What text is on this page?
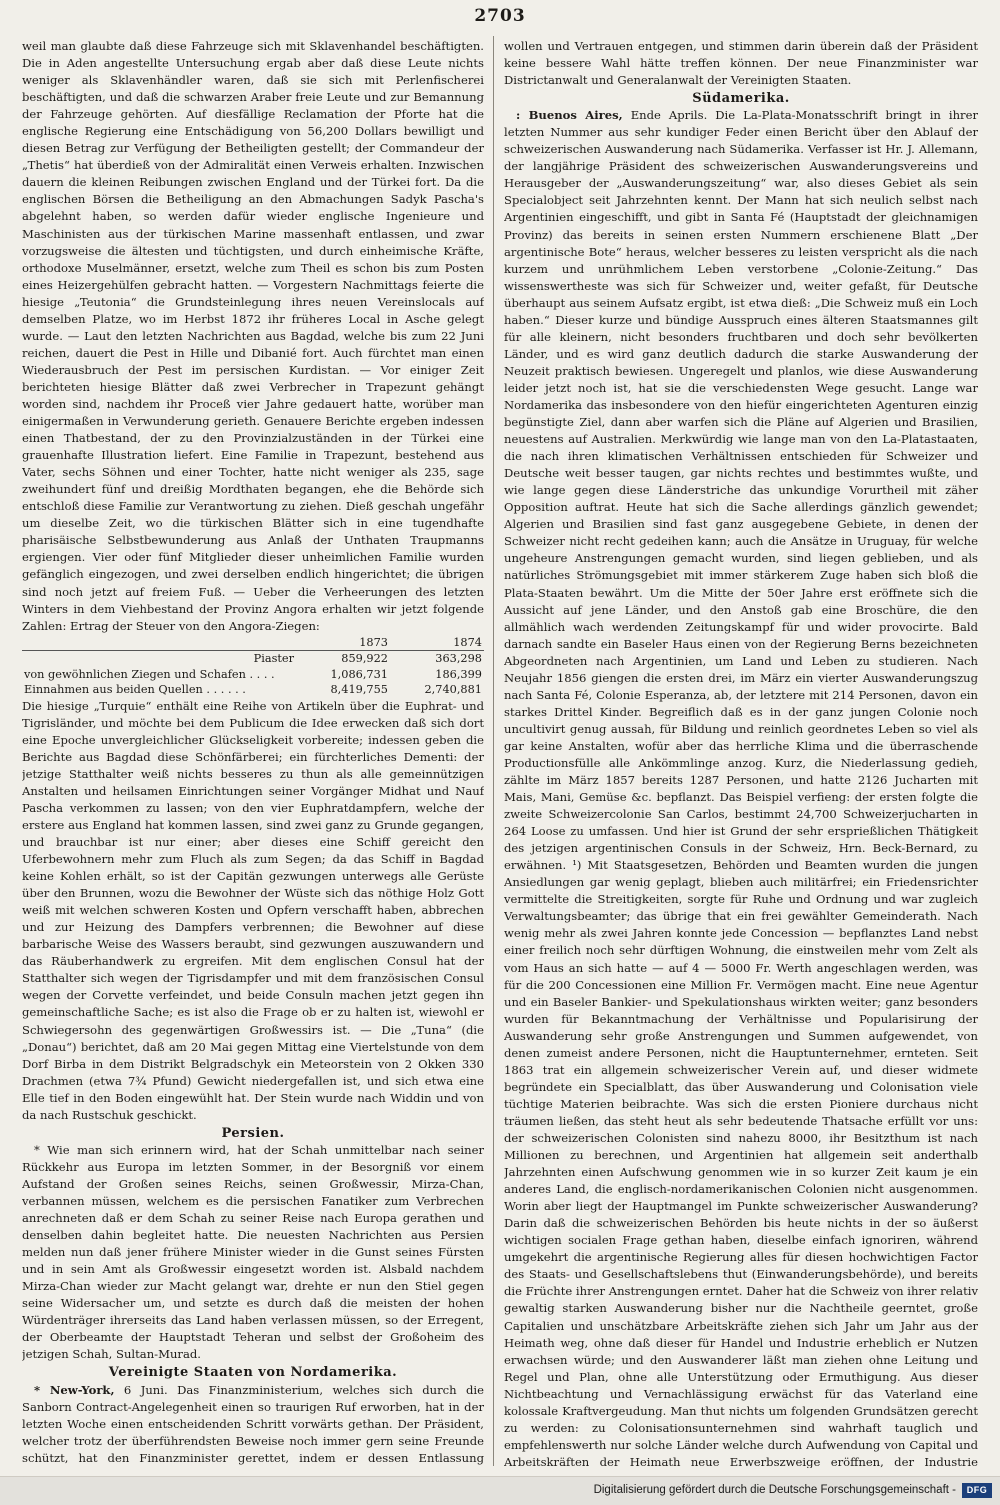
2703

weil man glaubte daß diese Fahrzeuge sich mit Sklavenhandel beschäftigten. Die in Aden angestellte Untersuchung ergab aber daß diese Leute nichts weniger als Sklavenhändler waren, daß sie sich mit Perlenfischerei beschäftigten, und daß die schwarzen Araber freie Leute und zur Bemannung der Fahrzeuge gehörten. Auf diesfällige Reclamation der Pforte hat die englische Regierung eine Entschädigung von 56,200 Dollars bewilligt und diesen Betrag zur Verfügung der Betheiligten gestellt; der Commandeur der „Thetis“ hat überdieß von der Admiralität einen Verweis erhalten. Inzwischen dauern die kleinen Reibungen zwischen England und der Türkei fort. Da die englischen Börsen die Betheiligung an den Abmachungen Sadyk Pascha's abgelehnt haben, so werden dafür wieder englische Ingenieure und Maschinisten aus der türkischen Marine massenhaft entlassen, und zwar vorzugsweise die ältesten und tüchtigsten, und durch einheimische Kräfte, orthodoxe Muselmänner, ersetzt, welche zum Theil es schon bis zum Posten eines Heizergehülfen gebracht hatten. — Vorgestern Nachmittags feierte die hiesige „Teutonia“ die Grundsteinlegung ihres neuen Vereinslocals auf demselben Platze, wo im Herbst 1872 ihr früheres Local in Asche gelegt wurde. — Laut den letzten Nachrichten aus Bagdad, welche bis zum 22 Juni reichen, dauert die Pest in Hille und Dibanié fort. Auch fürchtet man einen Wiederausbruch der Pest im persischen Kurdistan. — Vor einiger Zeit berichteten hiesige Blätter daß zwei Verbrecher in Trapezunt gehängt worden sind, nachdem ihr Proceß vier Jahre gedauert hatte, worüber man einigermaßen in Verwunderung gerieth. Genauere Berichte ergeben indessen einen Thatbestand, der zu den Provinzialzuständen in der Türkei eine grauenhafte Illustration liefert. Eine Familie in Trapezunt, bestehend aus Vater, sechs Söhnen und einer Tochter, hatte nicht weniger als 235, sage zweihundert fünf und dreißig Mordthaten begangen, ehe die Behörde sich entschloß diese Familie zur Verantwortung zu ziehen. Dieß geschah ungefähr um dieselbe Zeit, wo die türkischen Blätter sich in eine tugendhafte pharisäische Selbstbewunderung aus Anlaß der Unthaten Traupmanns ergiengen. Vier oder fünf Mitglieder dieser unheimlichen Familie wurden gefänglich eingezogen, und zwei derselben endlich hingerichtet; die übrigen sind noch jetzt auf freiem Fuß. — Ueber die Verheerungen des letzten Winters in dem Viehbestand der Provinz Angora erhalten wir jetzt folgende Zahlen: Ertrag der Steuer von den Angora-Ziegen:

		1873	1874
	Piaster	859,922	363,298
von gewöhnlichen Ziegen und Schafen . . . .		1,086,731	186,399
Einnahmen aus beiden Quellen . . . . . .		8,419,755	2,740,881

Die hiesige „Turquie“ enthält eine Reihe von Artikeln über die Euphrat- und Tigrisländer, und möchte bei dem Publicum die Idee erwecken daß sich dort eine Epoche unvergleichlicher Glückseligkeit vorbereite; indessen geben die Berichte aus Bagdad diese Schönfärberei; ein fürchterliches Dementi: der jetzige Statthalter weiß nichts besseres zu thun als alle gemeinnützigen Anstalten und heilsamen Einrichtungen seiner Vorgänger Midhat und Nauf Pascha verkommen zu lassen; von den vier Euphratdampfern, welche der erstere aus England hat kommen lassen, sind zwei ganz zu Grunde gegangen, und brauchbar ist nur einer; aber dieses eine Schiff gereicht den Uferbewohnern mehr zum Fluch als zum Segen; da das Schiff in Bagdad keine Kohlen erhält, so ist der Capitän gezwungen unterwegs alle Gerüste über den Brunnen, wozu die Bewohner der Wüste sich das nöthige Holz Gott weiß mit welchen schweren Kosten und Opfern verschafft haben, abbrechen und zur Heizung des Dampfers verbrennen; die Bewohner auf diese barbarische Weise des Wassers beraubt, sind gezwungen auszuwandern und das Räuberhandwerk zu ergreifen. Mit dem englischen Consul hat der Statthalter sich wegen der Tigrisdampfer und mit dem französischen Consul wegen der Corvette verfeindet, und beide Consuln machen jetzt gegen ihn gemeinschaftliche Sache; es ist also die Frage ob er zu halten ist, wiewohl er Schwiegersohn des gegenwärtigen Großwessirs ist. — Die „Tuna“ (die „Donau“) berichtet, daß am 20 Mai gegen Mittag eine Viertelstunde von dem Dorf Birba in dem Distrikt Belgradschyk ein Meteorstein von 2 Okken 330 Drachmen (etwa 7¾ Pfund) Gewicht niedergefallen ist, und sich etwa eine Elle tief in den Boden eingewühlt hat. Der Stein wurde nach Widdin und von da nach Rustschuk geschickt.

Persien.

* Wie man sich erinnern wird, hat der Schah unmittelbar nach seiner Rückkehr aus Europa im letzten Sommer, in der Besorgniß vor einem Aufstand der Großen seines Reichs, seinen Großwessir, Mirza-Chan, verbannen müssen, welchem es die persischen Fanatiker zum Verbrechen anrechneten daß er dem Schah zu seiner Reise nach Europa gerathen und denselben dahin begleitet hatte. Die neuesten Nachrichten aus Persien melden nun daß jener frühere Minister wieder in die Gunst seines Fürsten und in sein Amt als Großwessir eingesetzt worden ist. Alsbald nachdem Mirza-Chan wieder zur Macht gelangt war, drehte er nun den Stiel gegen seine Widersacher um, und setzte es durch daß die meisten der hohen Würdenträger ihrerseits das Land haben verlassen müssen, so der Erregent, der Oberbeamte der Hauptstadt Teheran und selbst der Großoheim des jetzigen Schah, Sultan-Murad.

Vereinigte Staaten von Nordamerika.

* New-York, 6 Juni. Das Finanzministerium, welches sich durch die Sanborn Contract-Angelegenheit einen so traurigen Ruf erworben, hat in der letzten Woche einen entscheidenden Schritt vorwärts gethan. Der Präsident, welcher trotz der überführendsten Beweise noch immer gern seine Freunde schützt, hat den Finanzminister gerettet, indem er dessen Entlassung

wollen und Vertrauen entgegen, und stimmen darin überein daß der Präsident keine bessere Wahl hätte treffen können. Der neue Finanzminister war Districtanwalt und Generalanwalt der Vereinigten Staaten.

Südamerika.

: Buenos Aires, Ende Aprils. Die La-Plata-Monatsschrift bringt in ihrer letzten Nummer aus sehr kundiger Feder einen Bericht über den Ablauf der schweizerischen Auswanderung nach Südamerika. Verfasser ist Hr. J. Allemann, der langjährige Präsident des schweizerischen Auswanderungsvereins und Herausgeber der „Auswanderungszeitung“ war, also dieses Gebiet als sein Specialobject seit Jahrzehnten kennt. Der Mann hat sich neulich selbst nach Argentinien eingeschifft, und gibt in Santa Fé (Hauptstadt der gleichnamigen Provinz) das bereits in seinen ersten Nummern erschienene Blatt „Der argentinische Bote“ heraus, welcher besseres zu leisten verspricht als die nach kurzem und unrühmlichem Leben verstorbene „Colonie-Zeitung.“ Das wissenswertheste was sich für Schweizer und, weiter gefaßt, für Deutsche überhaupt aus seinem Aufsatz ergibt, ist etwa dieß: „Die Schweiz muß ein Loch haben.“ Dieser kurze und bündige Ausspruch eines älteren Staatsmannes gilt für alle kleinern, nicht besonders fruchtbaren und doch sehr bevölkerten Länder, und es wird ganz deutlich dadurch die starke Auswanderung der Neuzeit praktisch bewiesen. Ungeregelt und planlos, wie diese Auswanderung leider jetzt noch ist, hat sie die verschiedensten Wege gesucht. Lange war Nordamerika das insbesondere von den hiefür eingerichteten Agenturen einzig begünstigte Ziel, dann aber warfen sich die Pläne auf Algerien und Brasilien, neuestens auf Australien. Merkwürdig wie lange man von den La-Platastaaten, die nach ihren klimatischen Verhältnissen entschieden für Schweizer und Deutsche weit besser taugen, gar nichts rechtes und bestimmtes wußte, und wie lange gegen diese Länderstriche das unkundige Vorurtheil mit zäher Opposition auftrat. Heute hat sich die Sache allerdings gänzlich gewendet; Algerien und Brasilien sind fast ganz ausgegebene Gebiete, in denen der Schweizer nicht recht gedeihen kann; auch die Ansätze in Uruguay, für welche ungeheure Anstrengungen gemacht wurden, sind liegen geblieben, und als natürliches Strömungsgebiet mit immer stärkerem Zuge haben sich bloß die Plata-Staaten bewährt. Um die Mitte der 50er Jahre erst eröffnete sich die Aussicht auf jene Länder, und den Anstoß gab eine Broschüre, die den allmählich wach werdenden Zeitungskampf für und wider provocirte. Bald darnach sandte ein Baseler Haus einen von der Regierung Berns bezeichneten Abgeordneten nach Argentinien, um Land und Leben zu studieren. Nach Neujahr 1856 giengen die ersten drei, im März ein vierter Auswanderungszug nach Santa Fé, Colonie Esperanza, ab, der letztere mit 214 Personen, davon ein starkes Drittel Kinder. Begreiflich daß es in der ganz jungen Colonie noch uncultivirt genug aussah, für Bildung und reinlich geordnetes Leben so viel als gar keine Anstalten, wofür aber das herrliche Klima und die überraschende Productionsfülle alle Ankömmlinge anzog. Kurz, die Niederlassung gedieh, zählte im März 1857 bereits 1287 Personen, und hatte 2126 Jucharten mit Mais, Mani, Gemüse &c. bepflanzt. Das Beispiel verfieng: der ersten folgte die zweite Schweizercolonie San Carlos, bestimmt 24,700 Schweizerjucharten in 264 Loose zu umfassen. Und hier ist Grund der sehr ersprießlichen Thätigkeit des jetzigen argentinischen Consuls in der Schweiz, Hrn. Beck-Bernard, zu erwähnen. ¹) Mit Staatsgesetzen, Behörden und Beamten wurden die jungen Ansiedlungen gar wenig geplagt, blieben auch militärfrei; ein Friedensrichter vermittelte die Streitigkeiten, sorgte für Ruhe und Ordnung und war zugleich Verwaltungsbeamter; das übrige that ein frei gewählter Gemeinderath. Nach wenig mehr als zwei Jahren konnte jede Concession — bepflanztes Land nebst einer freilich noch sehr dürftigen Wohnung, die einstweilen mehr vom Zelt als vom Haus an sich hatte — auf 4 — 5000 Fr. Werth angeschlagen werden, was für die 200 Concessionen eine Million Fr. Vermögen macht. Eine neue Agentur und ein Baseler Bankier- und Spekulationshaus wirkten weiter; ganz besonders wurden für Bekanntmachung der Verhältnisse und Popularisirung der Auswanderung sehr große Anstrengungen und Summen aufgewendet, von denen zumeist andere Personen, nicht die Hauptunternehmer, ernteten. Seit 1863 trat ein allgemein schweizerischer Verein auf, und dieser widmete begründete ein Specialblatt, das über Auswanderung und Colonisation viele tüchtige Materien beibrachte. Was sich die ersten Pioniere durchaus nicht träumen ließen, das steht heut als sehr bedeutende Thatsache erfüllt vor uns: der schweizerischen Colonisten sind nahezu 8000, ihr Besitzthum ist nach Millionen zu berechnen, und Argentinien hat allgemein seit anderthalb Jahrzehnten einen Aufschwung genommen wie in so kurzer Zeit kaum je ein anderes Land, die englisch-nordamerikanischen Colonien nicht ausgenommen. Worin aber liegt der Hauptmangel im Punkte schweizerischer Auswanderung? Darin daß die schweizerischen Behörden bis heute nichts in der so äußerst wichtigen socialen Frage gethan haben, dieselbe einfach ignoriren, während umgekehrt die argentinische Regierung alles für diesen hochwichtigen Factor des Staats- und Gesellschaftslebens thut (Einwanderungsbehörde), und bereits die Früchte ihrer Anstrengungen erntet. Daher hat die Schweiz von ihrer relativ gewaltig starken Auswanderung bisher nur die Nachtheile geerntet, große Capitalien und unschätzbare Arbeitskräfte ziehen sich Jahr um Jahr aus der Heimath weg, ohne daß dieser für Handel und Industrie erheblich er Nutzen erwachsen würde; und den Auswanderer läßt man ziehen ohne Leitung und Regel und Plan, ohne alle Unterstützung oder Ermuthigung. Aus dieser Nichtbeachtung und Vernachlässigung erwächst für das Vaterland eine kolossale Kraftvergeudung. Man thut nichts um folgenden Grundsätzen gerecht zu werden: zu Colonisationsunternehmen sind wahrhaft tauglich und empfehlenswerth nur solche Länder welche durch Aufwendung von Capital und Arbeitskräften der Heimath neue Erwerbszweige eröffnen, der Industrie

Digitalisierung gefördert durch die Deutsche Forschungsgemeinschaft -	DFG
